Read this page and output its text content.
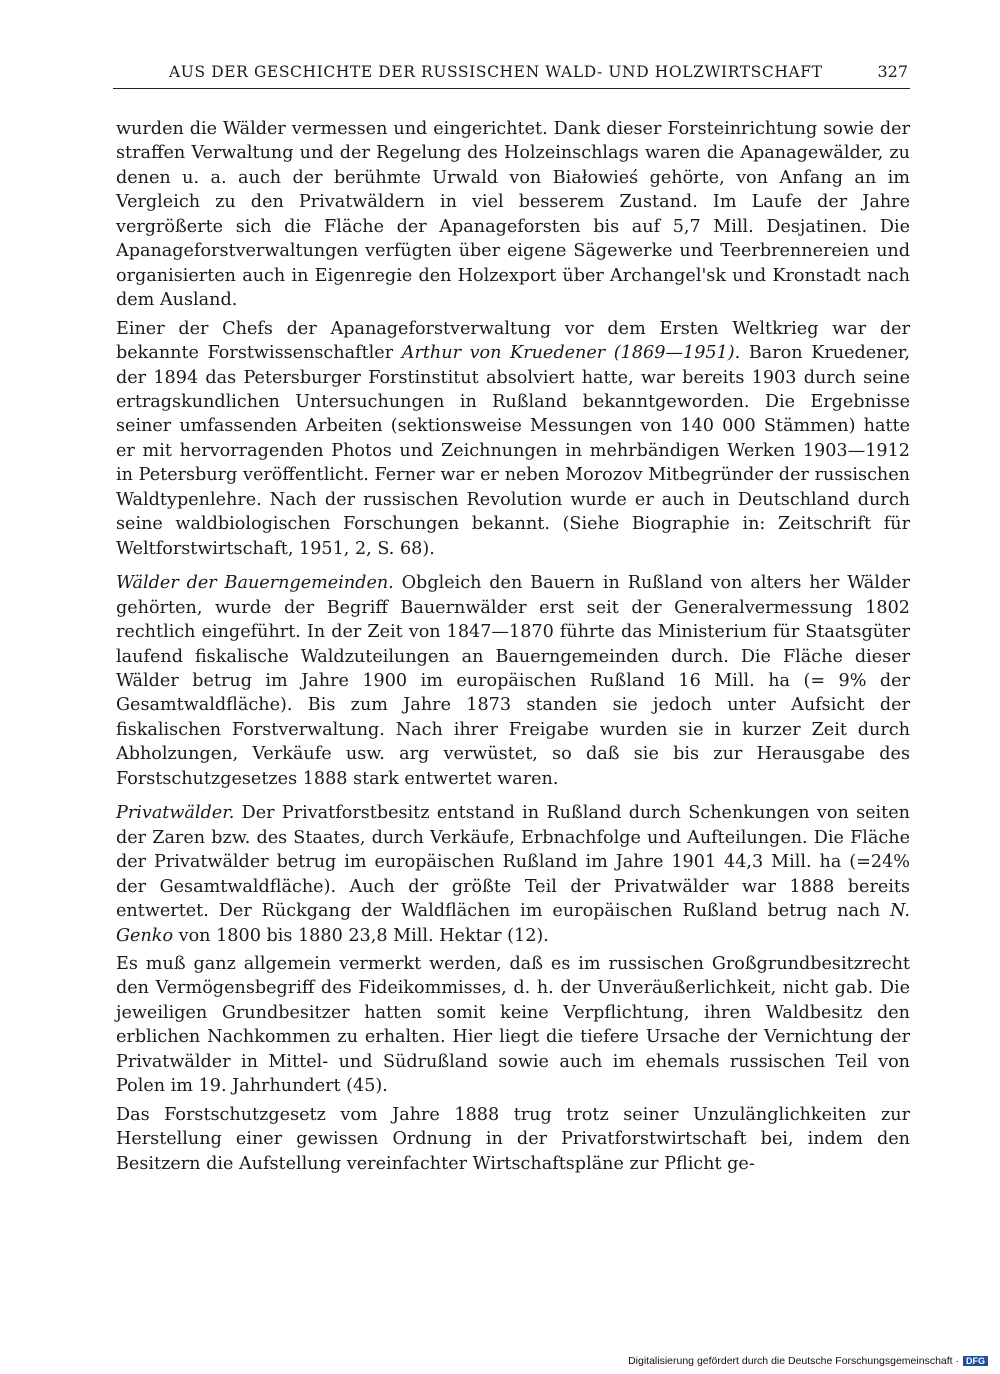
AUS DER GESCHICHTE DER RUSSISCHEN WALD- UND HOLZWIRTSCHAFT	327

wurden die Wälder vermessen und eingerichtet. Dank dieser Forsteinrichtung sowie der straffen Verwaltung und der Regelung des Holzeinschlags waren die Apanagewälder, zu denen u. a. auch der berühmte Urwald von Białowieś gehörte, von Anfang an im Vergleich zu den Privatwäldern in viel besserem Zustand. Im Laufe der Jahre vergrößerte sich die Fläche der Apanageforsten bis auf 5,7 Mill. Desjatinen. Die Apanageforstverwaltungen verfügten über eigene Sägewerke und Teerbrennereien und organisierten auch in Eigenregie den Holzexport über Archangel'sk und Kronstadt nach dem Ausland.

Einer der Chefs der Apanageforstverwaltung vor dem Ersten Weltkrieg war der bekannte Forstwissenschaftler Arthur von Kruedener (1869—1951). Baron Kruedener, der 1894 das Petersburger Forstinstitut absolviert hatte, war bereits 1903 durch seine ertragskundlichen Untersuchungen in Rußland bekanntgeworden. Die Ergebnisse seiner umfassenden Arbeiten (sektionsweise Messungen von 140 000 Stämmen) hatte er mit hervorragenden Photos und Zeichnungen in mehrbändigen Werken 1903—1912 in Petersburg veröffentlicht. Ferner war er neben Morozov Mitbegründer der russischen Waldtypenlehre. Nach der russischen Revolution wurde er auch in Deutschland durch seine waldbiologischen Forschungen bekannt. (Siehe Biographie in: Zeitschrift für Weltforstwirtschaft, 1951, 2, S. 68).

Wälder der Bauerngemeinden. Obgleich den Bauern in Rußland von alters her Wälder gehörten, wurde der Begriff Bauernwälder erst seit der Generalvermessung 1802 rechtlich eingeführt. In der Zeit von 1847—1870 führte das Ministerium für Staatsgüter laufend fiskalische Waldzuteilungen an Bauerngemeinden durch. Die Fläche dieser Wälder betrug im Jahre 1900 im europäischen Rußland 16 Mill. ha (= 9% der Gesamtwaldfläche). Bis zum Jahre 1873 standen sie jedoch unter Aufsicht der fiskalischen Forstverwaltung. Nach ihrer Freigabe wurden sie in kurzer Zeit durch Abholzungen, Verkäufe usw. arg verwüstet, so daß sie bis zur Herausgabe des Forstschutzgesetzes 1888 stark entwertet waren.

Privatwälder. Der Privatforstbesitz entstand in Rußland durch Schenkungen von seiten der Zaren bzw. des Staates, durch Verkäufe, Erbnachfolge und Aufteilungen. Die Fläche der Privatwälder betrug im europäischen Rußland im Jahre 1901 44,3 Mill. ha (=24% der Gesamtwaldfläche). Auch der größte Teil der Privatwälder war 1888 bereits entwertet. Der Rückgang der Waldflächen im europäischen Rußland betrug nach N. Genko von 1800 bis 1880 23,8 Mill. Hektar (12).

Es muß ganz allgemein vermerkt werden, daß es im russischen Großgrundbesitzrecht den Vermögensbegriff des Fideikommisses, d. h. der Unveräußerlichkeit, nicht gab. Die jeweiligen Grundbesitzer hatten somit keine Verpflichtung, ihren Waldbesitz den erblichen Nachkommen zu erhalten. Hier liegt die tiefere Ursache der Vernichtung der Privatwälder in Mittel- und Südrußland sowie auch im ehemals russischen Teil von Polen im 19. Jahrhundert (45).

Das Forstschutzgesetz vom Jahre 1888 trug trotz seiner Unzulänglichkeiten zur Herstellung einer gewissen Ordnung in der Privatforstwirtschaft bei, indem den Besitzern die Aufstellung vereinfachter Wirtschaftspläne zur Pflicht ge-

Digitalisierung gefördert durch die Deutsche Forschungsgemeinschaft · DFG
